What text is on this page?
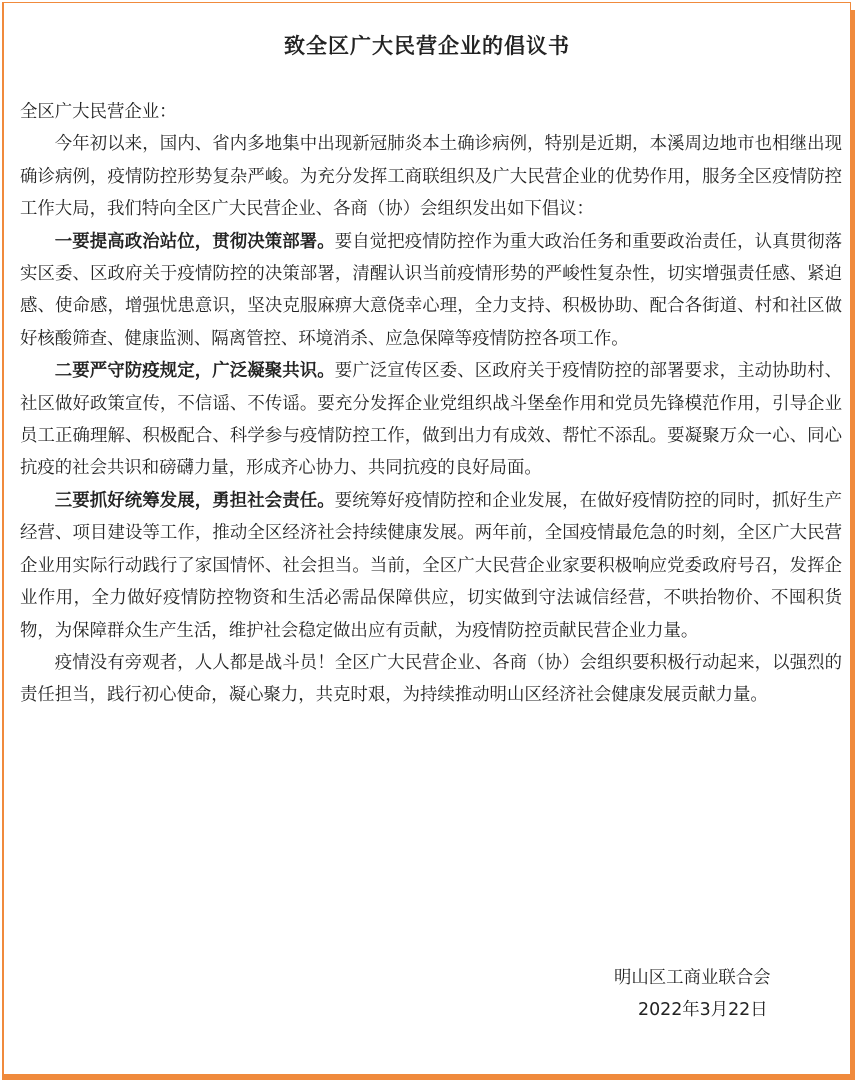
致全区广大民营企业的倡议书

全区广大民营企业：

今年初以来，国内、省内多地集中出现新冠肺炎本土确诊病例，特别是近期，本溪周边地市也相继出现确诊病例，疫情防控形势复杂严峻。为充分发挥工商联组织及广大民营企业的优势作用，服务全区疫情防控工作大局，我们特向全区广大民营企业、各商（协）会组织发出如下倡议：

一要提高政治站位，贯彻决策部署。要自觉把疫情防控作为重大政治任务和重要政治责任，认真贯彻落实区委、区政府关于疫情防控的决策部署，清醒认识当前疫情形势的严峻性复杂性，切实增强责任感、紧迫感、使命感，增强忧患意识，坚决克服麻痹大意侥幸心理，全力支持、积极协助、配合各街道、村和社区做好核酸筛查、健康监测、隔离管控、环境消杀、应急保障等疫情防控各项工作。

二要严守防疫规定，广泛凝聚共识。要广泛宣传区委、区政府关于疫情防控的部署要求，主动协助村、社区做好政策宣传，不信谣、不传谣。要充分发挥企业党组织战斗堡垒作用和党员先锋模范作用，引导企业员工正确理解、积极配合、科学参与疫情防控工作，做到出力有成效、帮忙不添乱。要凝聚万众一心、同心抗疫的社会共识和磅礴力量，形成齐心协力、共同抗疫的良好局面。

三要抓好统筹发展，勇担社会责任。要统筹好疫情防控和企业发展，在做好疫情防控的同时，抓好生产经营、项目建设等工作，推动全区经济社会持续健康发展。两年前，全国疫情最危急的时刻，全区广大民营企业用实际行动践行了家国情怀、社会担当。当前，全区广大民营企业家要积极响应党委政府号召，发挥企业作用，全力做好疫情防控物资和生活必需品保障供应，切实做到守法诚信经营，不哄抬物价、不囤积货物，为保障群众生产生活，维护社会稳定做出应有贡献，为疫情防控贡献民营企业力量。

疫情没有旁观者，人人都是战斗员！全区广大民营企业、各商（协）会组织要积极行动起来，以强烈的责任担当，践行初心使命，凝心聚力，共克时艰，为持续推动明山区经济社会健康发展贡献力量。

明山区工商业联合会
2022年3月22日
